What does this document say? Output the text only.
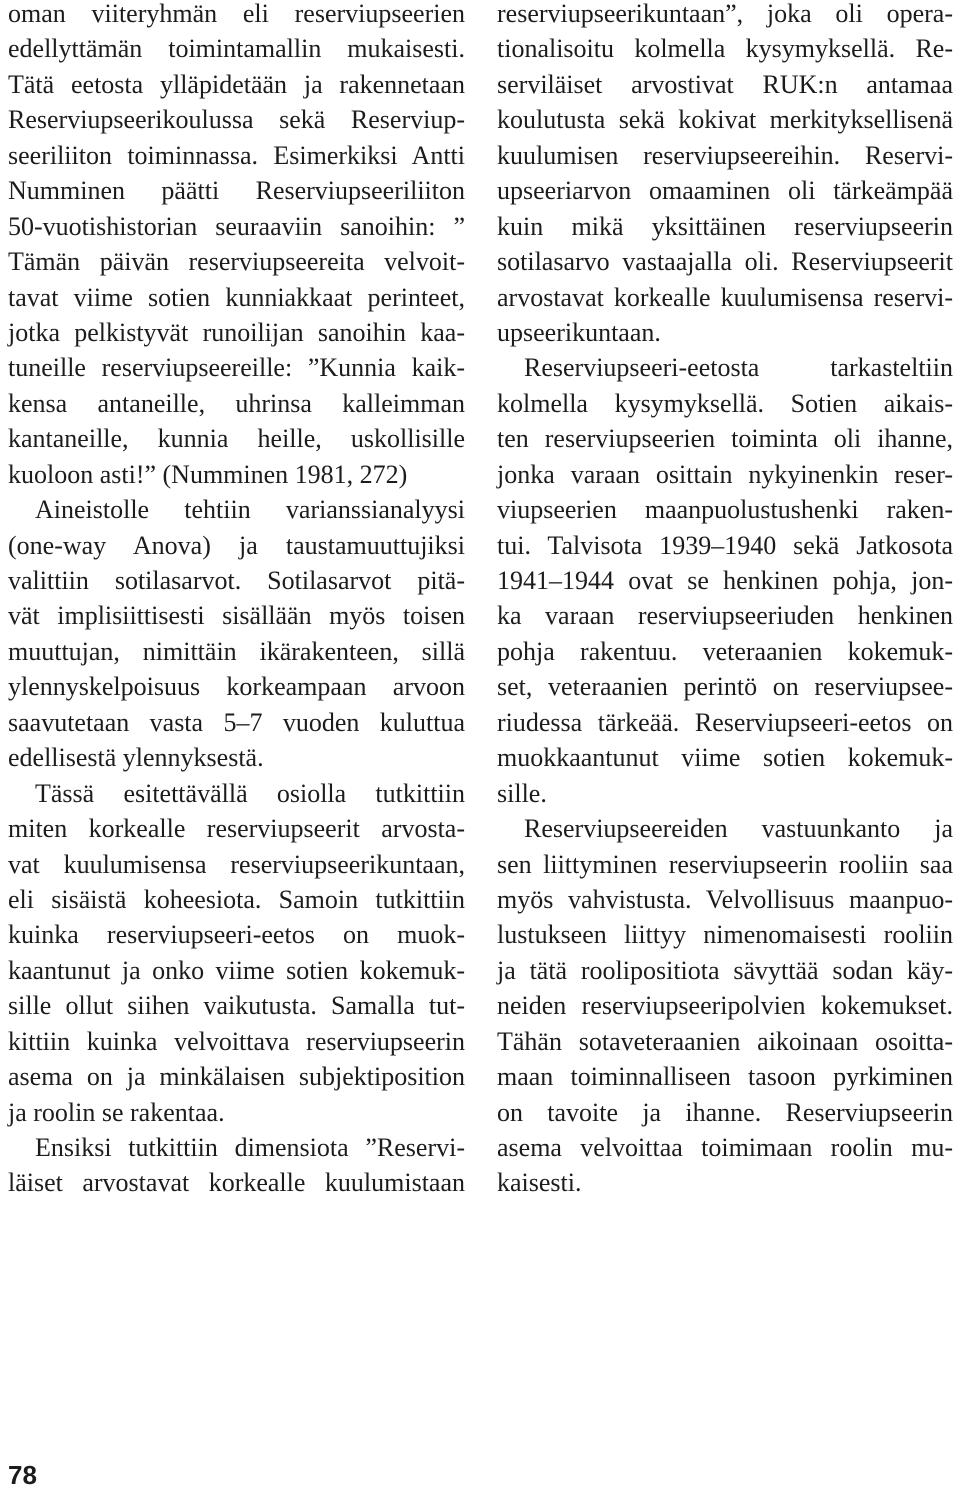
oman viiteryhmän eli reserviupseerien
edellyttämän toimintamallin mukaisesti.
Tätä eetosta ylläpidetään ja rakennetaan
Reserviupseerikoulussa sekä Reserviup-
seeriliiton toiminnassa. Esimerkiksi Antti
Numminen päätti Reserviupseeriliiton
50-vuotishistorian seuraaviin sanoihin: ”
Tämän päivän reserviupseereita velvoit-
tavat viime sotien kunniakkaat perinteet,
jotka pelkistyvät runoilijan sanoihin kaa-
tuneille reserviupseereille: ”Kunnia kaik-
kensa antaneille, uhrinsa kalleimman
kantaneille, kunnia heille, uskollisille
kuoloon asti!” (Numminen 1981, 272)
Aineistolle tehtiin varianssianalyysi
(one-way Anova) ja taustamuuttujiksi
valittiin sotilasarvot. Sotilasarvot pitä-
vät implisiittisesti sisällään myös toisen
muuttujan, nimittäin ikärakenteen, sillä
ylennyskelpoisuus korkeampaan arvoon
saavutetaan vasta 5–7 vuoden kuluttua
edellisestä ylennyksestä.
Tässä esitettävällä osiolla tutkittiin
miten korkealle reserviupseerit arvosta-
vat kuulumisensa reserviupseerikuntaan,
eli sisäistä koheesiota. Samoin tutkittiin
kuinka reserviupseeri-eetos on muok-
kaantunut ja onko viime sotien kokemuk-
sille ollut siihen vaikutusta. Samalla tut-
kittiin kuinka velvoittava reserviupseerin
asema on ja minkälaisen subjektiposition
ja roolin se rakentaa.
Ensiksi tutkittiin dimensiota ”Reservi-
läiset arvostavat korkealle kuulumistaan
reserviupseerikuntaan”, joka oli opera-
tionalisoitu kolmella kysymyksellä. Re-
serviläiset arvostivat RUK:n antamaa
koulutusta sekä kokivat merkityksellisenä
kuulumisen reserviupseereihin. Reservi-
upseeriarvon omaaminen oli tärkeämpää
kuin mikä yksittäinen reserviupseerin
sotilasarvo vastaajalla oli. Reserviupseerit
arvostavat korkealle kuulumisensa reservi-
upseerikuntaan.
Reserviupseeri-eetosta tarkasteltiin
kolmella kysymyksellä. Sotien aikais-
ten reserviupseerien toiminta oli ihanne,
jonka varaan osittain nykyinenkin reser-
viupseerien maanpuolustushenki raken-
tui. Talvisota 1939–1940 sekä Jatkosota
1941–1944 ovat se henkinen pohja, jon-
ka varaan reserviupseeriuden henkinen
pohja rakentuu. veteraanien kokemuk-
set, veteraanien perintö on reserviupsee-
riudessa tärkeää. Reserviupseeri-eetos on
muokkaantunut viime sotien kokemuk-
sille.
Reserviupseereiden vastuunkanto ja
sen liittyminen reserviupseerin rooliin saa
myös vahvistusta. Velvollisuus maanpuo-
lustukseen liittyy nimenomaisesti rooliin
ja tätä roolipositiota sävyttää sodan käy-
neiden reserviupseeripolvien kokemukset.
Tähän sotaveteraanien aikoinaan osoitta-
maan toiminnalliseen tasoon pyrkiminen
on tavoite ja ihanne. Reserviupseerin
asema velvoittaa toimimaan roolin mu-
kaisesti.
78
